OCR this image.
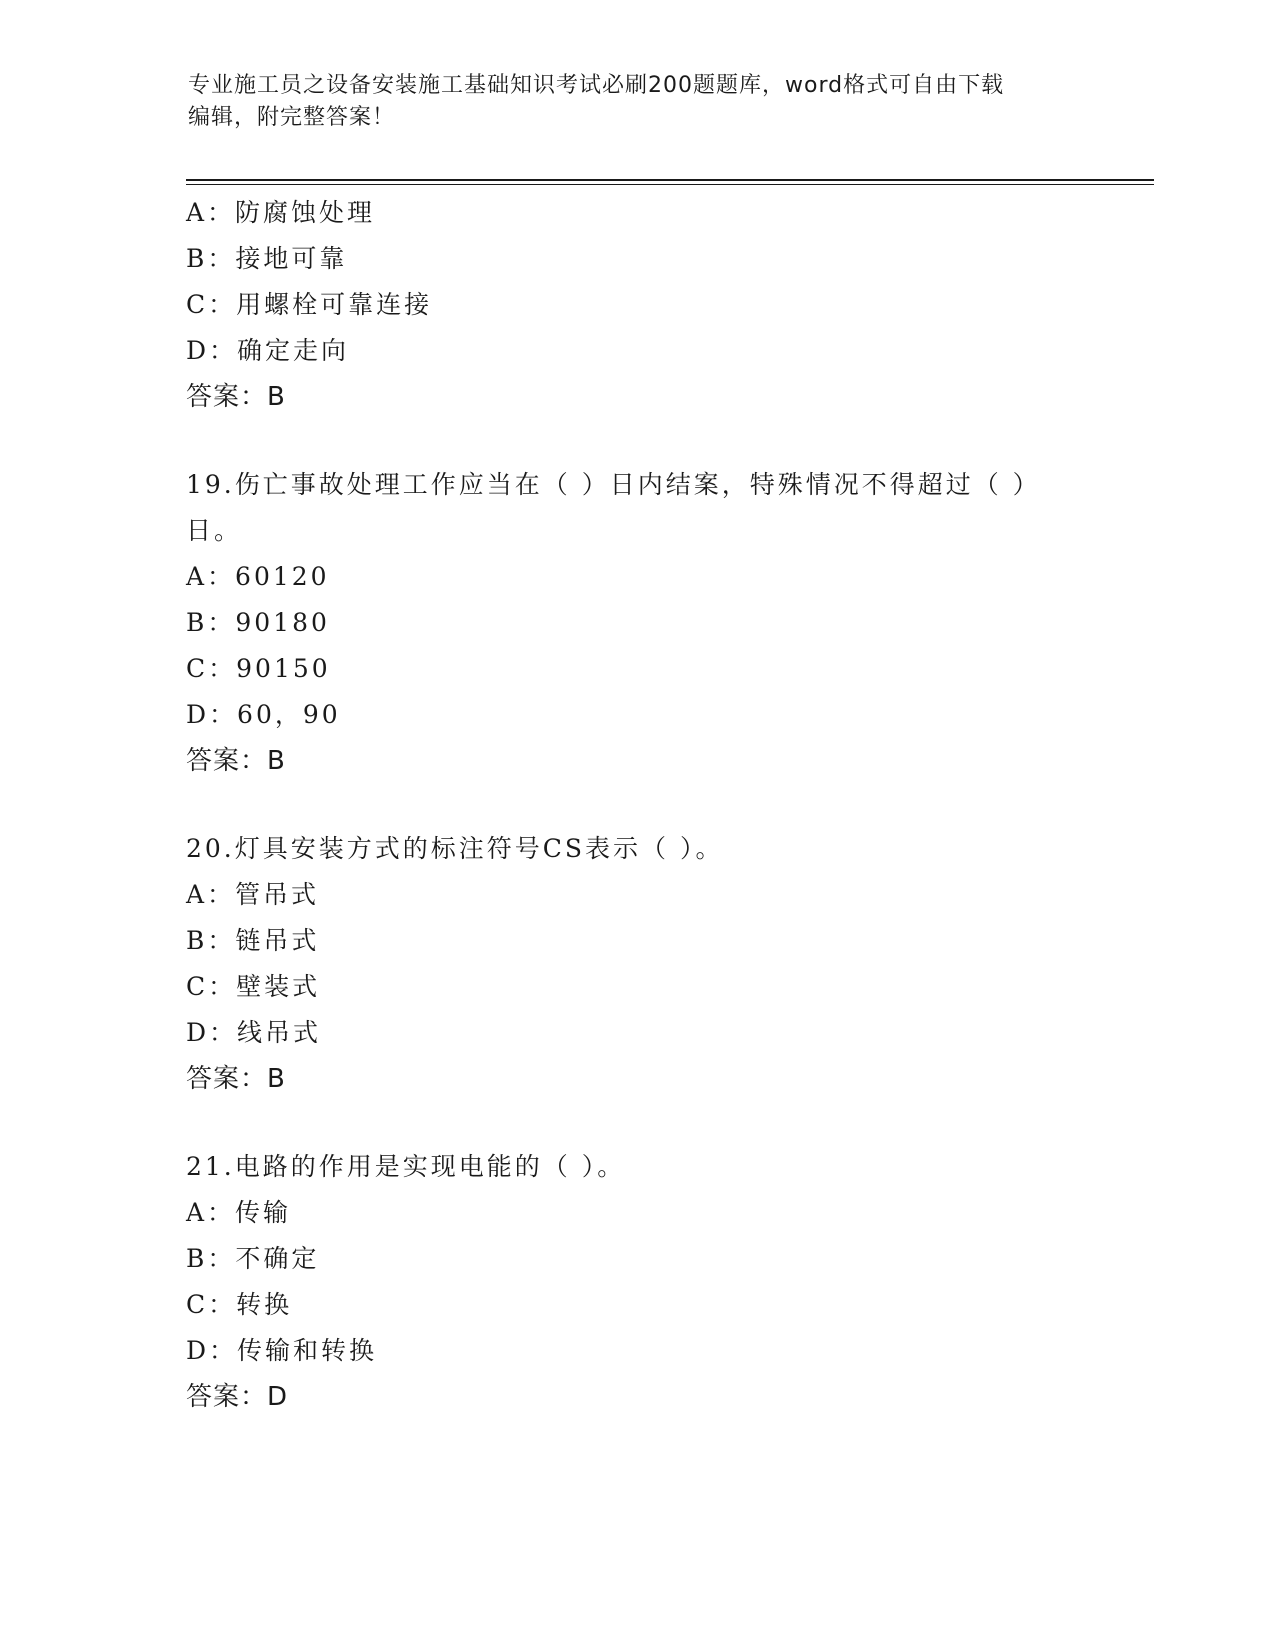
专业施工员之设备安装施工基础知识考试必刷200题题库，word格式可自由下载
编辑，附完整答案！
A：防腐蚀处理
B：接地可靠
C：用螺栓可靠连接
D：确定走向
答案：B
19.伤亡事故处理工作应当在（ ）日内结案，特殊情况不得超过（ ）
日。
A：60120
B：90180
C：90150
D：60，90
答案：B
20.灯具安装方式的标注符号CS表示（ ）。
A：管吊式
B：链吊式
C：壁装式
D：线吊式
答案：B
21.电路的作用是实现电能的（ ）。
A：传输
B：不确定
C：转换
D：传输和转换
答案：D
